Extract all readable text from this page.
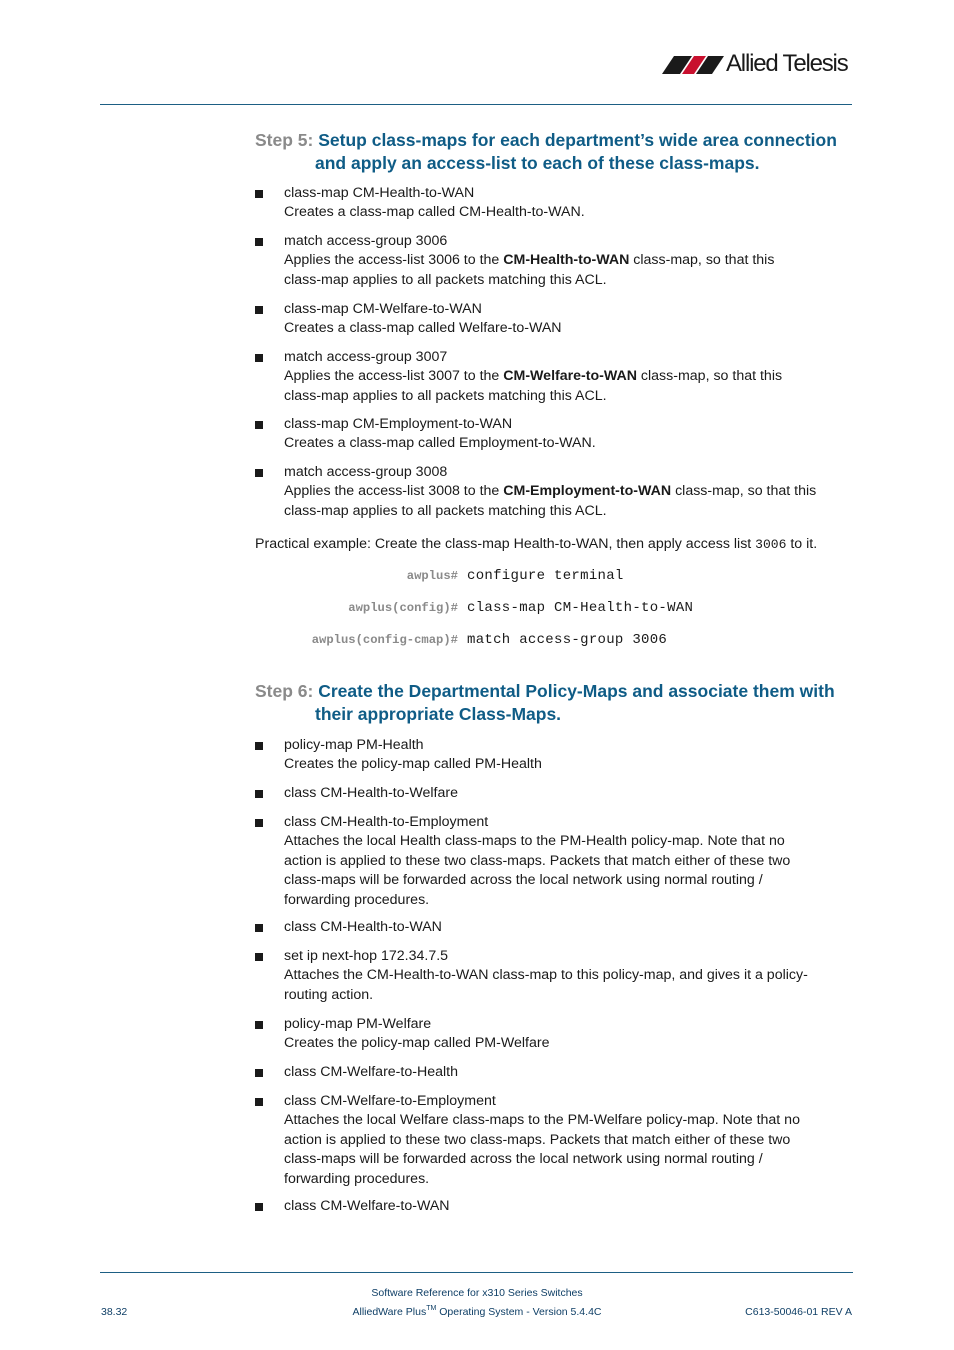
Allied Telesis
Step 5: Setup class-maps for each department’s wide area connection
and apply an access-list to each of these class-maps.

class-map CM-Health-to-WAN

Creates a class-map called CM-Health-to-WAN.

match access-group 3006

Applies the access-list 3006 to the CM-Health-to-WAN class-map, so that this

class-map applies to all packets matching this ACL.

class-map CM-Welfare-to-WAN

Creates a class-map called Welfare-to-WAN

match access-group 3007

Applies the access-list 3007 to the CM-Welfare-to-WAN class-map, so that this

class-map applies to all packets matching this ACL.

class-map CM-Employment-to-WAN

Creates a class-map called Employment-to-WAN.

match access-group 3008

Applies the access-list 3008 to the CM-Employment-to-WAN class-map, so that this

class-map applies to all packets matching this ACL.

Practical example: Create the class-map Health-to-WAN, then apply access list 3006 to it.
awplus# configure terminal
awplus(config)# class-map CM-Health-to-WAN
awplus(config-cmap)# match access-group 3006
Step 6: Create the Departmental Policy-Maps and associate them with
their appropriate Class-Maps.

policy-map PM-Health

Creates the policy-map called PM-Health

class CM-Health-to-Welfare

class CM-Health-to-Employment

Attaches the local Health class-maps to the PM-Health policy-map. Note that no

action is applied to these two class-maps. Packets that match either of these two

class-maps will be forwarded across the local network using normal routing /

forwarding procedures.

class CM-Health-to-WAN

set ip next-hop 172.34.7.5

Attaches the CM-Health-to-WAN class-map to this policy-map, and gives it a policy-

routing action.

policy-map PM-Welfare

Creates the policy-map called PM-Welfare

class CM-Welfare-to-Health

class CM-Welfare-to-Employment

Attaches the local Welfare class-maps to the PM-Welfare policy-map. Note that no

action is applied to these two class-maps. Packets that match either of these two

class-maps will be forwarded across the local network using normal routing /

forwarding procedures.

class CM-Welfare-to-WAN

Software Reference for x310 Series Switches
AlliedWare Plus™ Operating System - Version 5.4.4C
38.32	C613-50046-01 REV A
